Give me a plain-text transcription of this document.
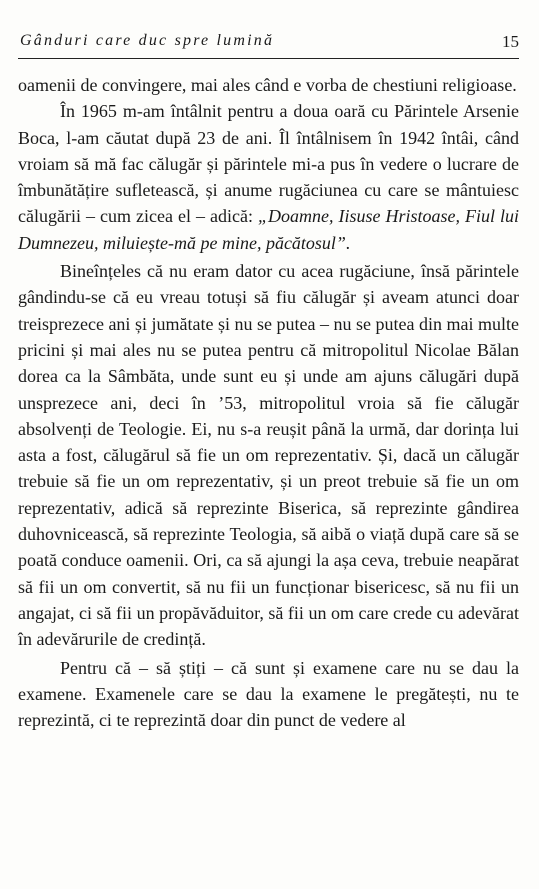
Gânduri care duc spre lumină	15

oamenii de convingere, mai ales când e vorba de chestiuni religioase.

În 1965 m-am întâlnit pentru a doua oară cu Părintele Arsenie Boca, l-am căutat după 23 de ani. Îl întâlnisem în 1942 întâi, când vroiam să mă fac călugăr și părintele mi-a pus în vedere o lucrare de îmbunătățire sufletească, și anume rugăciunea cu care se mântuiesc călugării – cum zicea el – adică: „Doamne, Iisuse Hristoase, Fiul lui Dumnezeu, miluiește-mă pe mine, păcătosul”.

Bineînțeles că nu eram dator cu acea rugăciune, însă părintele gândindu-se că eu vreau totuși să fiu călugăr și aveam atunci doar treisprezece ani și jumătate și nu se putea – nu se putea din mai multe pricini și mai ales nu se putea pentru că mitropolitul Nicolae Bălan dorea ca la Sâmbăta, unde sunt eu și unde am ajuns călugări după unsprezece ani, deci în ’53, mitropolitul vroia să fie călugăr absolvenți de Teologie. Ei, nu s-a reușit până la urmă, dar dorința lui asta a fost, călugărul să fie un om reprezentativ. Și, dacă un călugăr trebuie să fie un om reprezentativ, și un preot trebuie să fie un om reprezentativ, adică să reprezinte Biserica, să reprezinte gândirea duhovnicească, să reprezinte Teologia, să aibă o viață după care să se poată conduce oamenii. Ori, ca să ajungi la așa ceva, trebuie neapărat să fii un om convertit, să nu fii un funcționar bisericesc, să nu fii un angajat, ci să fii un propăvăduitor, să fii un om care crede cu adevărat în adevărurile de credință.

Pentru că – să știți – că sunt și examene care nu se dau la examene. Examenele care se dau la examene le pregătești, nu te reprezintă, ci te reprezintă doar din punct de vedere al
